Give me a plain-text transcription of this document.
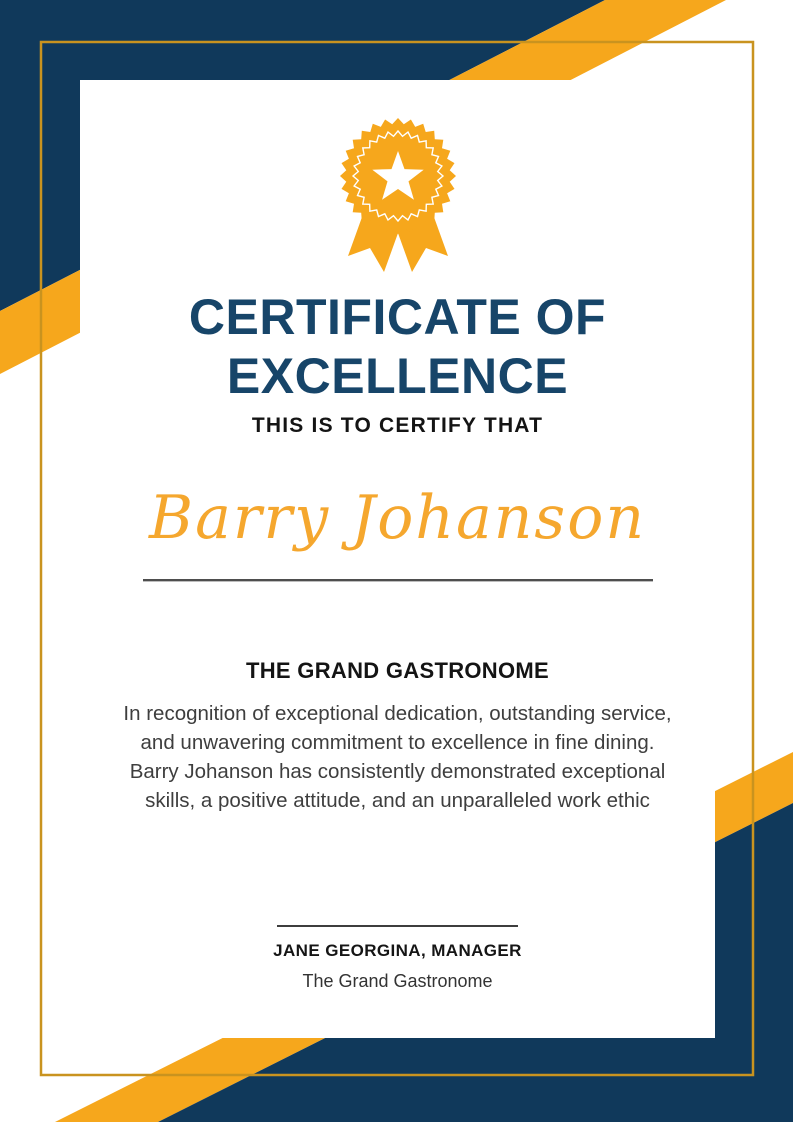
CERTIFICATE OF
EXCELLENCE
THIS IS TO CERTIFY THAT
Barry Johanson
THE GRAND GASTRONOME
In recognition of exceptional dedication, outstanding service, and unwavering commitment to excellence in fine dining. Barry Johanson has consistently demonstrated exceptional skills, a positive attitude, and an unparalleled work ethic
JANE GEORGINA, MANAGER
The Grand Gastronome
